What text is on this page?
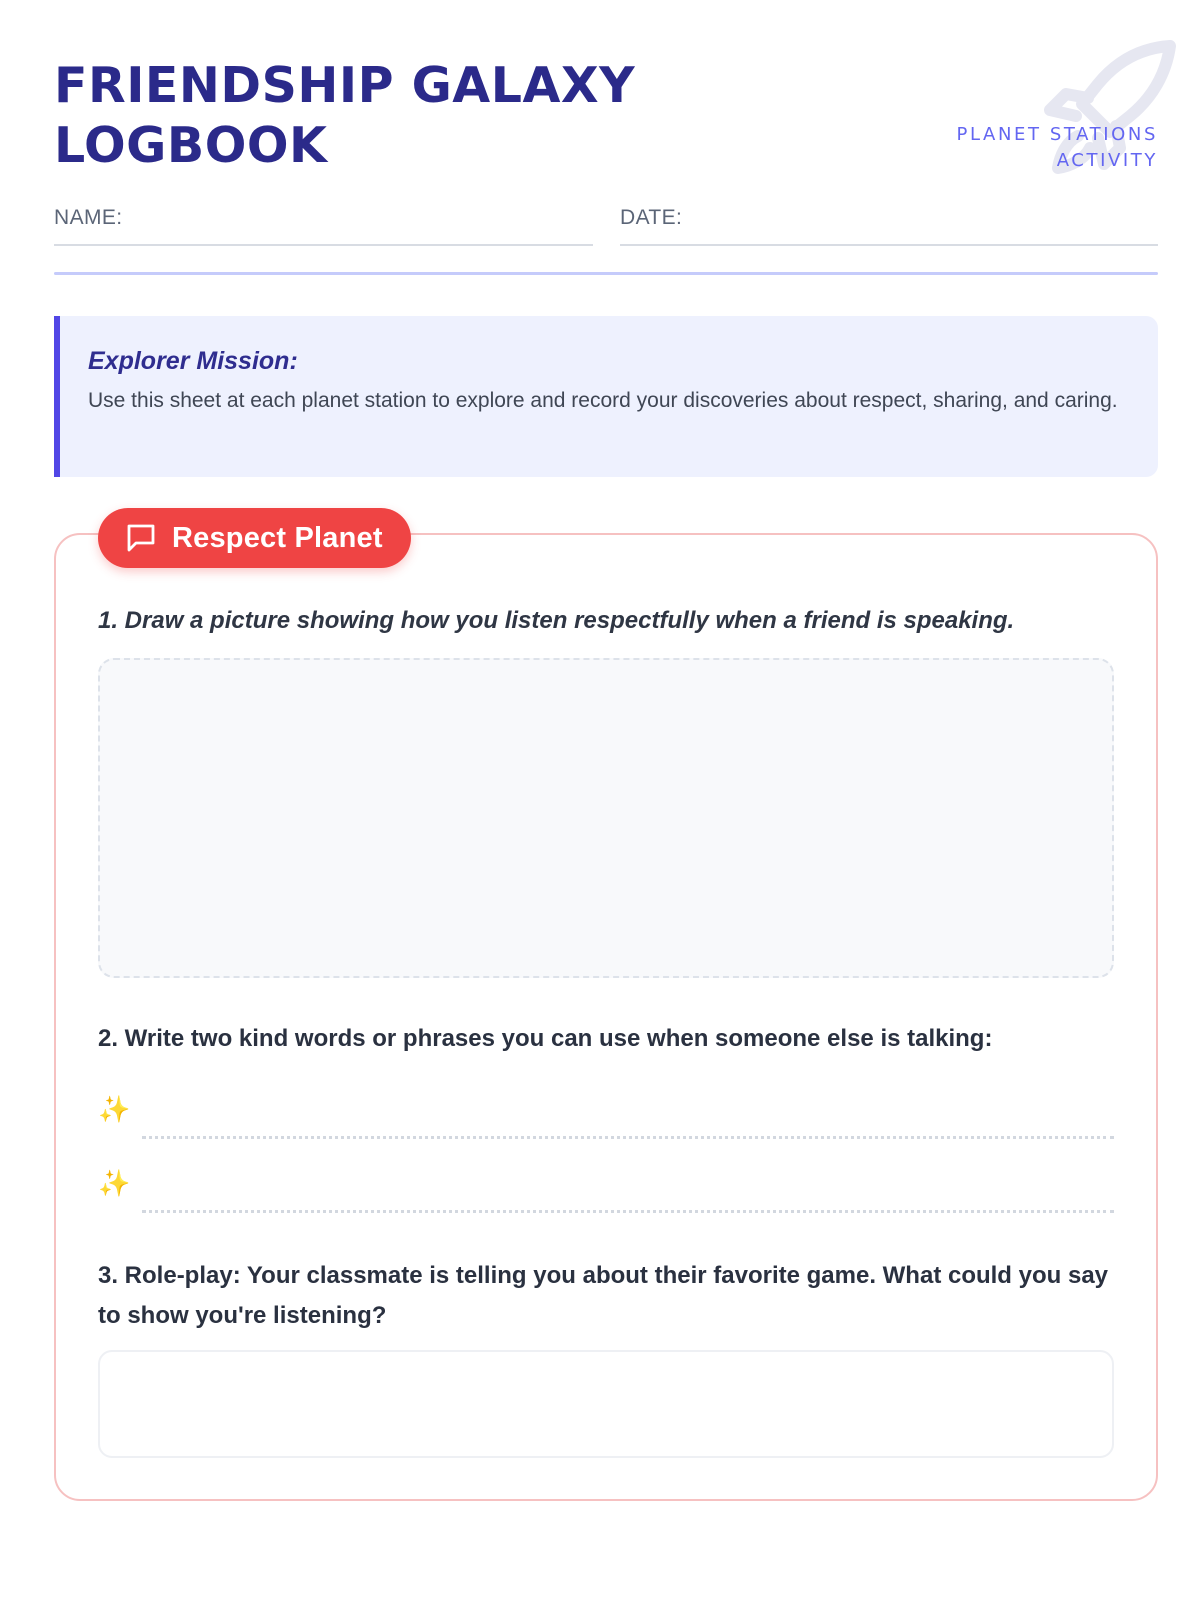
FRIENDSHIP GALAXY
LOGBOOK	PLANET STATIONS
ACTIVITY
NAME:	DATE:
Explorer Mission:
Use this sheet at each planet station to explore and record your discoveries about respect, sharing, and caring.
Respect Planet
1. Draw a picture showing how you listen respectfully when a friend is speaking.
2. Write two kind words or phrases you can use when someone else is talking:
✨
✨
3. Role-play: Your classmate is telling you about their favorite game. What could you say to show you're listening?
